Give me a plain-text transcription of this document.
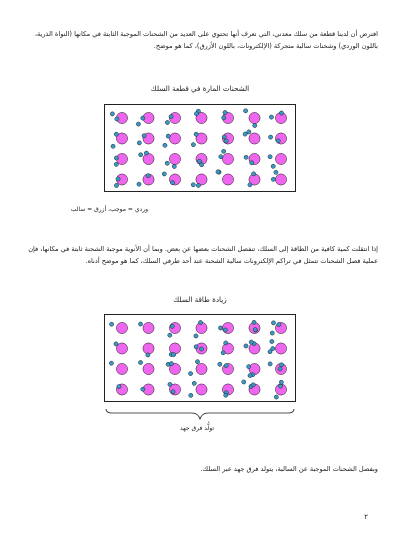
افترض أن لدينا قطعة من سلك معدني، التي نعرف أنها تحتوي على العديد من الشحنات الموجبة الثابتة في مكانها (النواة الذرية، باللون الوردي) وشحنات سالبة متحركة (الإلكترونات، باللون الأزرق)، كما هو موضح.
الشحنات المارة في قطعة السلك
وردي = موجب، أزرق = سالب
إذا انتقلت كمية كافية من الطاقة إلى السلك، تنفصل الشحنات بعضها عن بعض. وبما أن الأنوية موجبة الشحنة ثابتة في مكانها، فإن عملية فصل الشحنات تتمثل في تراكم الإلكترونات سالبة الشحنة عند أحد طرفي السلك، كما هو موضح أدناه.
زيادة طاقة السلك
تولُّد فرق جهد
وبفصل الشحنات الموجبة عن السالبة، يتولد فرق جهد عبر السلك.
٢
